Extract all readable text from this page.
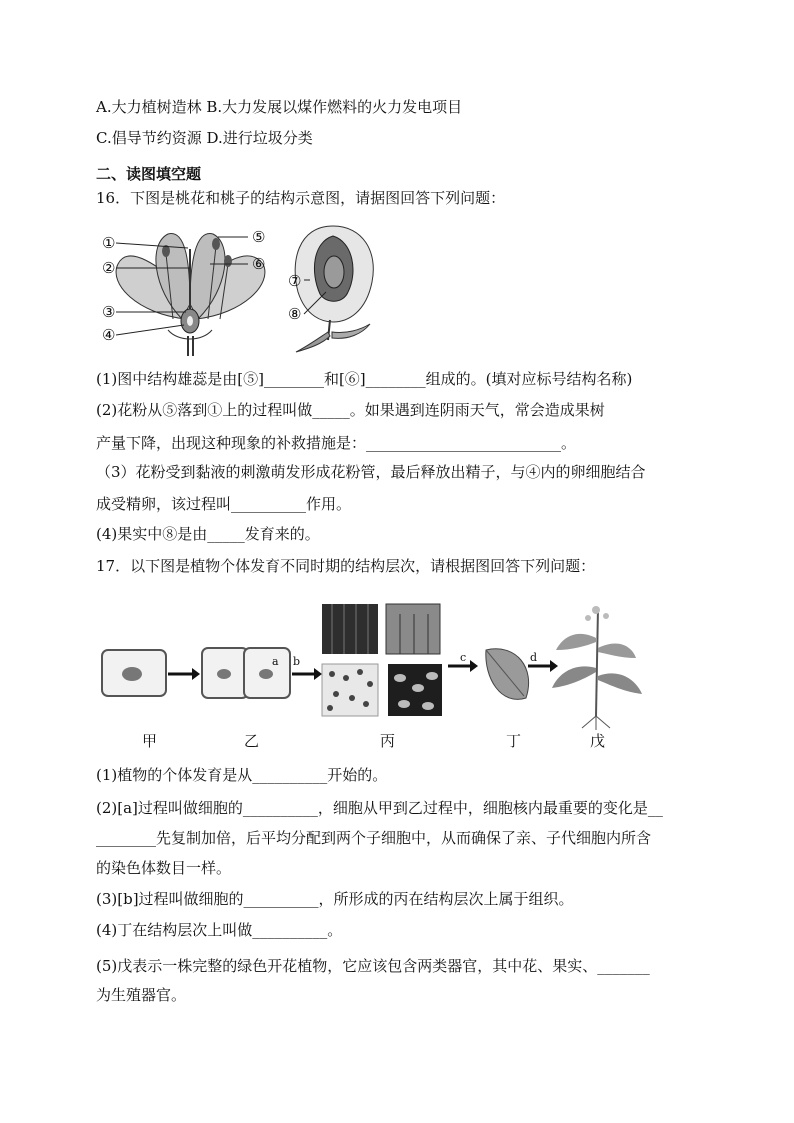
A.大力植树造林 B.大力发展以煤作燃料的火力发电项目
C.倡导节约资源 D.进行垃圾分类
二、读图填空题
16．下图是桃花和桃子的结构示意图，请据图回答下列问题：
①
②
③
④
⑤
⑥
⑦
⑧
(1)图中结构雄蕊是由[⑤]________和[⑥]________组成的。(填对应标号结构名称)
(2)花粉从⑤落到①上的过程叫做_____。如果遇到连阴雨天气，常会造成果树
产量下降，出现这种现象的补救措施是：__________________________。
（3）花粉受到黏液的刺激萌发形成花粉管，最后释放出精子，与④内的卵细胞结合
成受精卵，该过程叫__________作用。
(4)果实中⑧是由_____发育来的。
17．以下图是植物个体发育不同时期的结构层次，请根据图回答下列问题：
a b	c	d
甲	乙	丙	丁	戊
(1)植物的个体发育是从__________开始的。
(2)[a]过程叫做细胞的__________，细胞从甲到乙过程中，细胞核内最重要的变化是__
________先复制加倍，后平均分配到两个子细胞中，从而确保了亲、子代细胞内所含
的染色体数目一样。
(3)[b]过程叫做细胞的__________，所形成的丙在结构层次上属于组织。
(4)丁在结构层次上叫做__________。
(5)戊表示一株完整的绿色开花植物，它应该包含两类器官，其中花、果实、_______
为生殖器官。
